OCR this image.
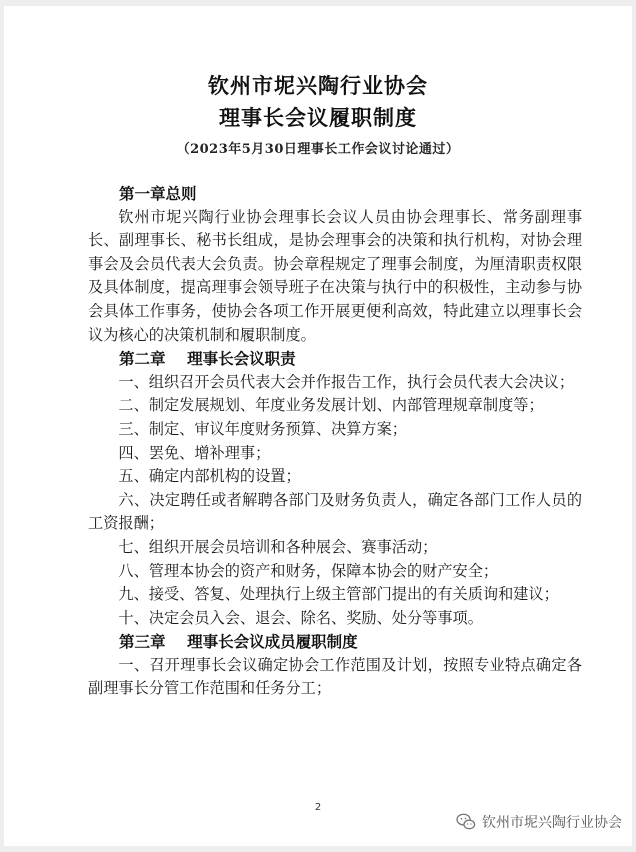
钦州市坭兴陶行业协会
理事长会议履职制度
（2023年5月30日理事长工作会议讨论通过）
第一章总则

钦州市坭兴陶行业协会理事长会议人员由协会理事长、常务副理事长、副理事长、秘书长组成，是协会理事会的决策和执行机构，对协会理事会及会员代表大会负责。协会章程规定了理事会制度，为厘清职责权限及具体制度，提高理事会领导班子在决策与执行中的积极性，主动参与协会具体工作事务，使协会各项工作开展更便利高效，特此建立以理事长会议为核心的决策机制和履职制度。

第二章    理事长会议职责

一、组织召开会员代表大会并作报告工作，执行会员代表大会决议；

二、制定发展规划、年度业务发展计划、内部管理规章制度等；

三、制定、审议年度财务预算、决算方案；

四、罢免、增补理事；

五、确定内部机构的设置；

六、决定聘任或者解聘各部门及财务负责人，确定各部门工作人员的工资报酬；

七、组织开展会员培训和各种展会、赛事活动；

八、管理本协会的资产和财务，保障本协会的财产安全；

九、接受、答复、处理执行上级主管部门提出的有关质询和建议；

十、决定会员入会、退会、除名、奖励、处分等事项。

第三章    理事长会议成员履职制度

一、召开理事长会议确定协会工作范围及计划，按照专业特点确定各副理事长分管工作范围和任务分工；

2
钦州市坭兴陶行业协会
